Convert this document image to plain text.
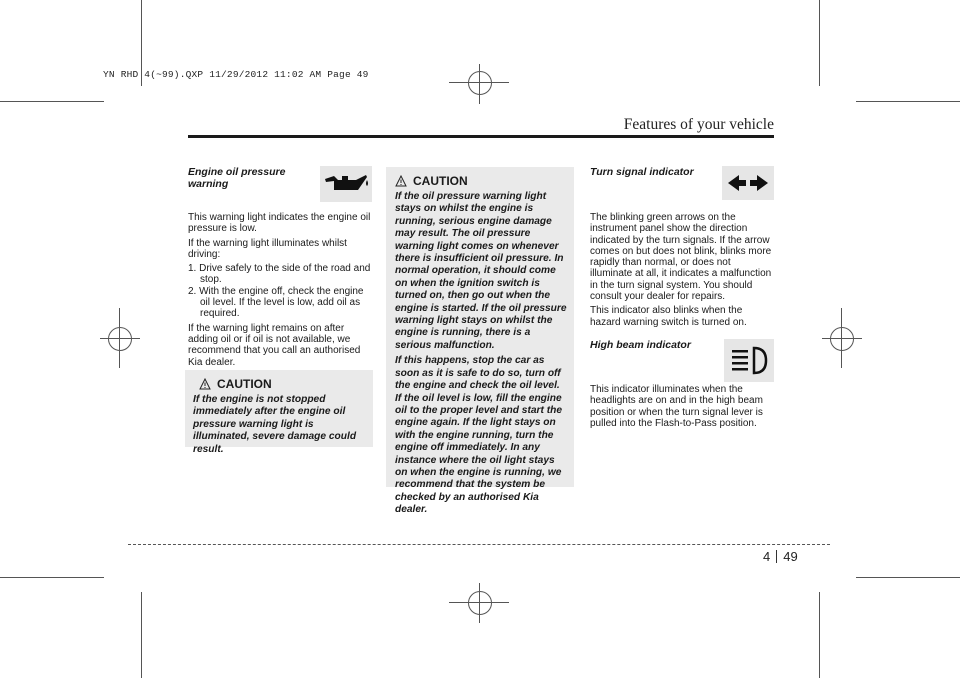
YN RHD 4(~99).QXP 11/29/2012 11:02 AM Page 49
Features of your vehicle
4 49
Engine oil pressure warning

This warning light indicates the engine oil pressure is low.

If the warning light illuminates whilst driving:

1. Drive safely to the side of the road and stop.
2. With the engine off, check the engine oil level. If the level is low, add oil as required.

If the warning light remains on after adding oil or if oil is not available, we recommend that you call an authorised Kia dealer.

CAUTION

If the engine is not stopped immediately after the engine oil pressure warning light is illuminated, severe damage could result.

CAUTION

If the oil pressure warning light stays on whilst the engine is running, serious engine damage may result. The oil pressure warning light comes on whenever there is insufficient oil pressure. In normal operation, it should come on when the ignition switch is turned on, then go out when the engine is started. If the oil pressure warning light stays on whilst the engine is running, there is a serious malfunction.

If this happens, stop the car as soon as it is safe to do so, turn off the engine and check the oil level. If the oil level is low, fill the engine oil to the proper level and start the engine again. If the light stays on with the engine running, turn the engine off immediately. In any instance where the oil light stays on when the engine is running, we recommend that the system be checked by an authorised Kia dealer.

Turn signal indicator

The blinking green arrows on the instrument panel show the direction indicated by the turn signals. If the arrow comes on but does not blink, blinks more rapidly than normal, or does not illuminate at all, it indicates a malfunction in the turn signal system. You should consult your dealer for repairs.

This indicator also blinks when the hazard warning switch is turned on.

High beam indicator

This indicator illuminates when the headlights are on and in the high beam position or when the turn signal lever is pulled into the Flash-to-Pass position.
